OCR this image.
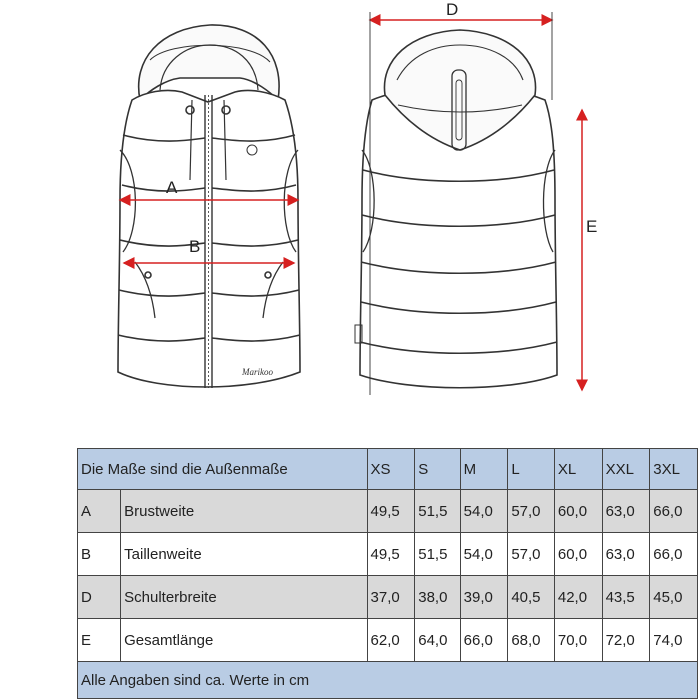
Marikoo
A
B
D
E
Die Maße sind die Außenmaße		XS	S	M	L	XL	XXL	3XL
A	Brustweite	49,5	51,5	54,0	57,0	60,0	63,0	66,0
B	Taillenweite	49,5	51,5	54,0	57,0	60,0	63,0	66,0
D	Schulterbreite	37,0	38,0	39,0	40,5	42,0	43,5	45,0
E	Gesamtlänge	62,0	64,0	66,0	68,0	70,0	72,0	74,0
Alle Angaben sind ca. Werte in cm								
